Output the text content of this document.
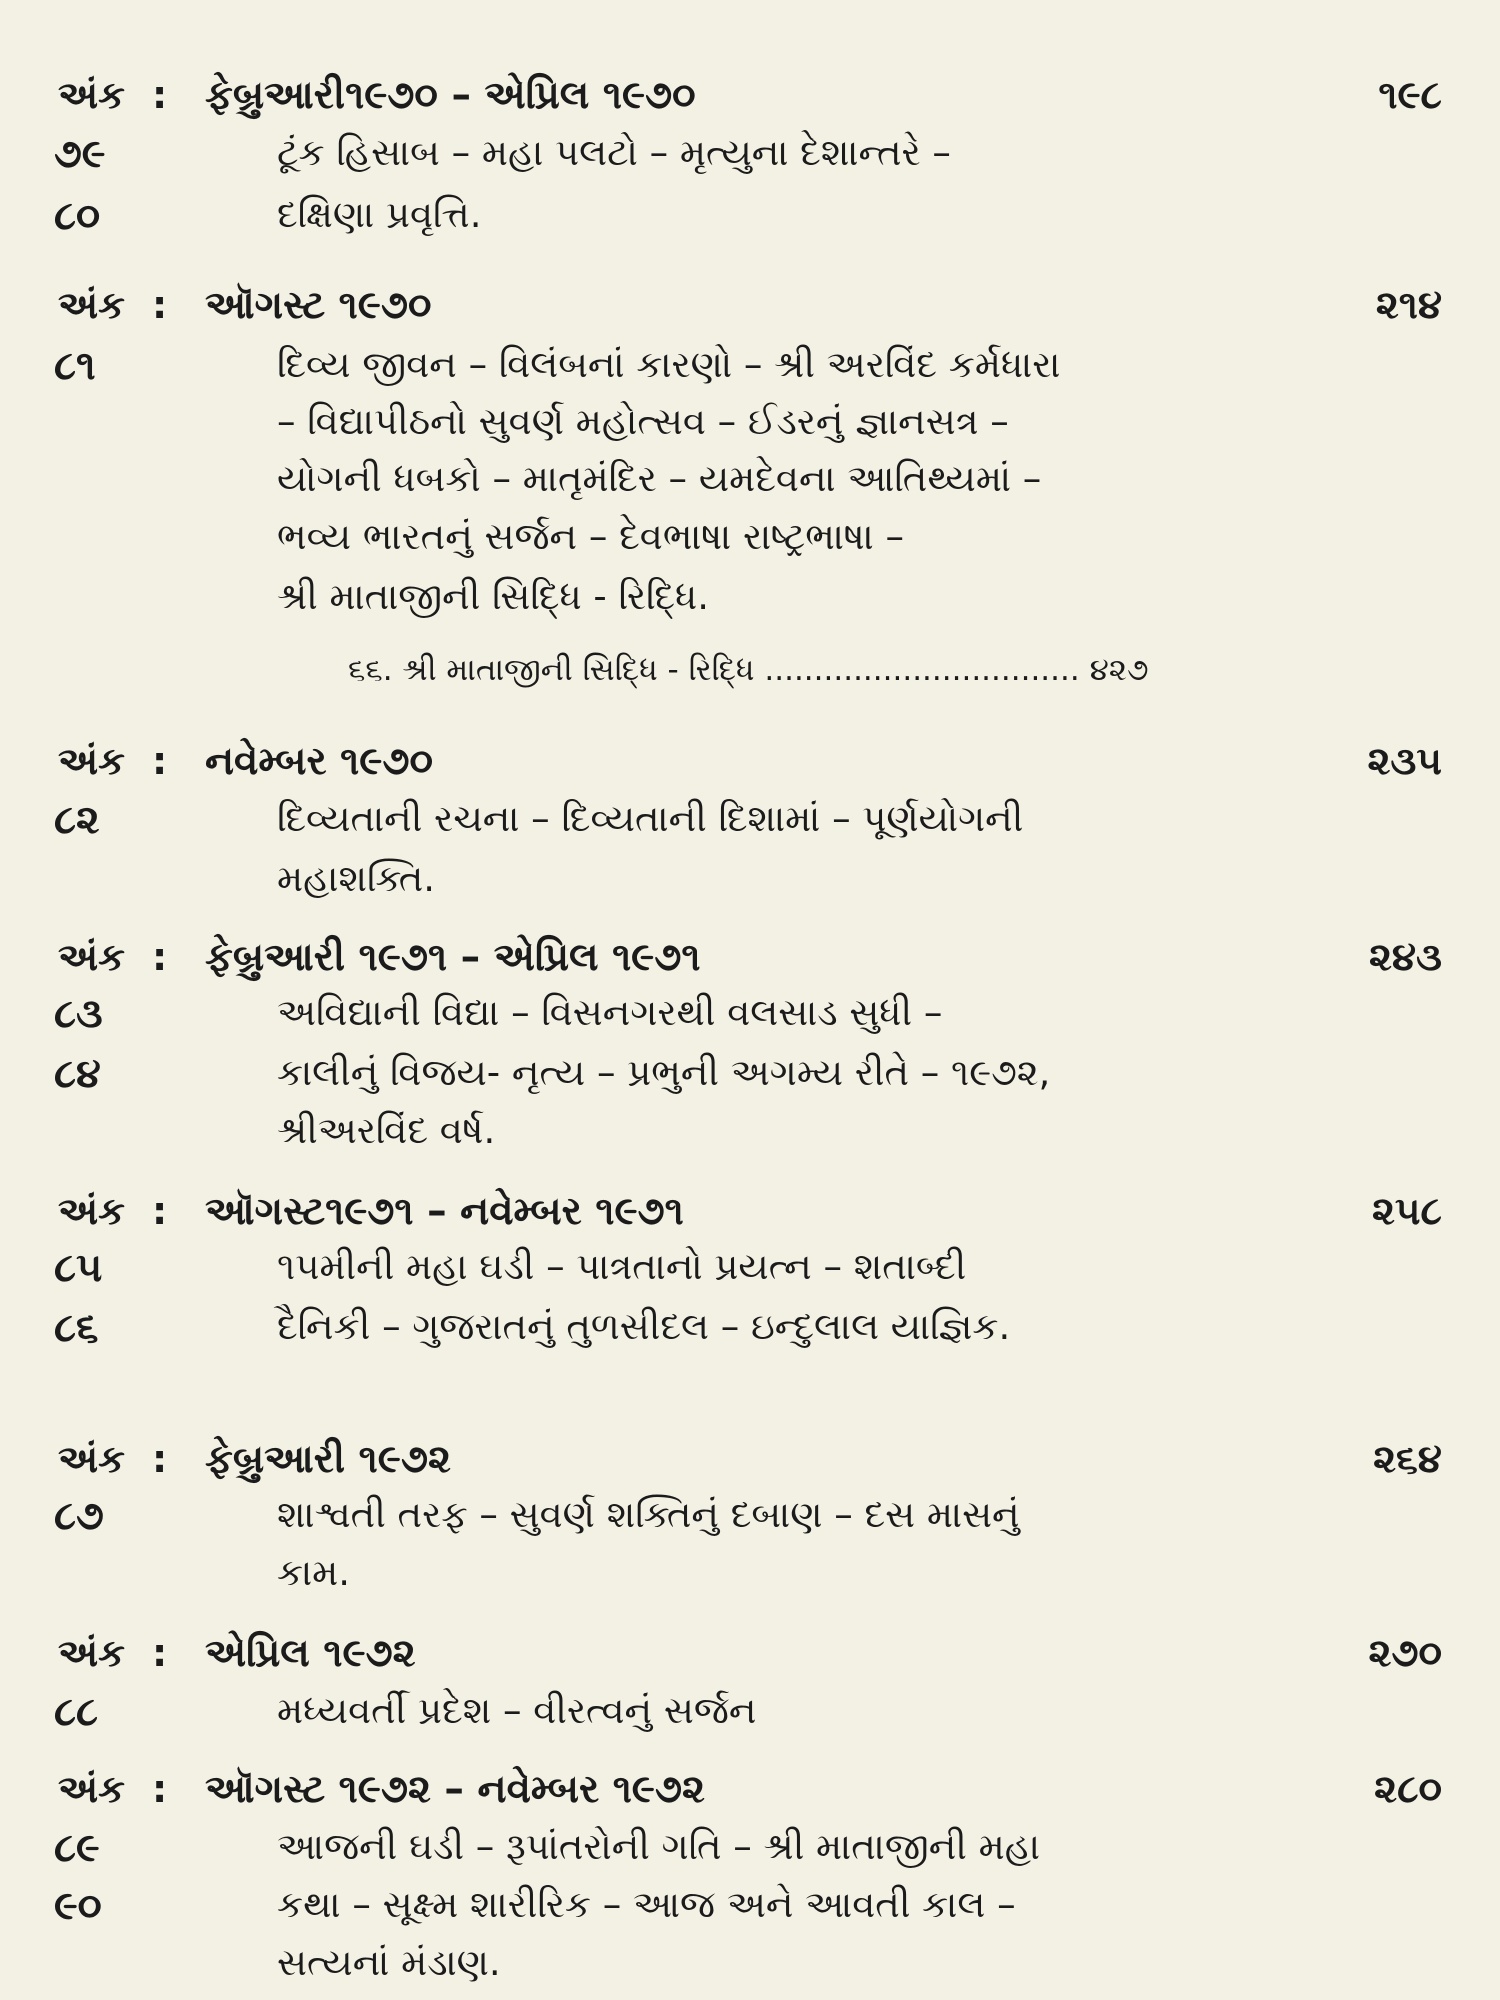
અંક : ફેબ્રુઆરી૧૯૭૦ – એપ્રિલ ૧૯૭૦	૧૯૮
૭૯	ટૂંક હિસાબ – મહા પલટો – મૃત્યુના દેશાન્તરે –
૮૦	દક્ષિણા પ્રવૃત્તિ.
અંક : ઑગસ્ટ ૧૯૭૦	૨૧૪
૮૧	દિવ્ય જીવન – વિલંબનાં કારણો – શ્રી અરવિંદ કર્મધારા
– વિદ્યાપીઠનો સુવર્ણ મહોત્સવ – ઈડરનું જ્ઞાનસત્ર –
યોગની ધબકો – માતૃમંદિર – યમદેવના આતિથ્યમાં –
ભવ્ય ભારતનું સર્જન – દેવભાષા રાષ્ટ્રભાષા –
શ્રી માતાજીની સિદ્ધિ - રિદ્ધિ.
૬૬. શ્રી માતાજીની સિદ્ધિ - રિદ્ધિ ................................ ૪૨૭
અંક : નવેમ્બર ૧૯૭૦	૨૩૫
૮૨	દિવ્યતાની રચના – દિવ્યતાની દિશામાં – પૂર્ણયોગની
મહાશક્તિ.
અંક : ફેબ્રુઆરી ૧૯૭૧ – એપ્રિલ ૧૯૭૧	૨૪૩
૮૩	અવિદ્યાની વિદ્યા – વિસનગરથી વલસાડ સુધી –
૮૪	કાલીનું વિજય- નૃત્ય – પ્રભુની અગમ્ય રીતે – ૧૯૭૨,
શ્રીઅરવિંદ વર્ષ.
અંક : ઑગસ્ટ૧૯૭૧ – નવેમ્બર ૧૯૭૧	૨૫૮
૮૫	૧૫મીની મહા ઘડી – પાત્રતાનો પ્રયત્ન – શતાબ્દી
૮૬	દૈનિકી – ગુજરાતનું તુળસીદલ – ઇન્દુલાલ યાજ્ઞિક.
અંક : ફેબ્રુઆરી ૧૯૭૨	૨૬૪
૮૭	શાશ્વતી તરફ – સુવર્ણ શક્તિનું દબાણ – દસ માસનું
કામ.
અંક : એપ્રિલ ૧૯૭૨	૨૭૦
૮૮	મધ્યવર્તી પ્રદેશ – વીરત્વનું સર્જન
અંક : ઑગસ્ટ ૧૯૭૨ – નવેમ્બર ૧૯૭૨	૨૮૦
૮૯	આજની ઘડી – રૂપાંતરોની ગતિ – શ્રી માતાજીની મહા
૯૦	કથા – સૂક્ષ્મ શારીરિક – આજ અને આવતી કાલ –
સત્યનાં મંડાણ.
